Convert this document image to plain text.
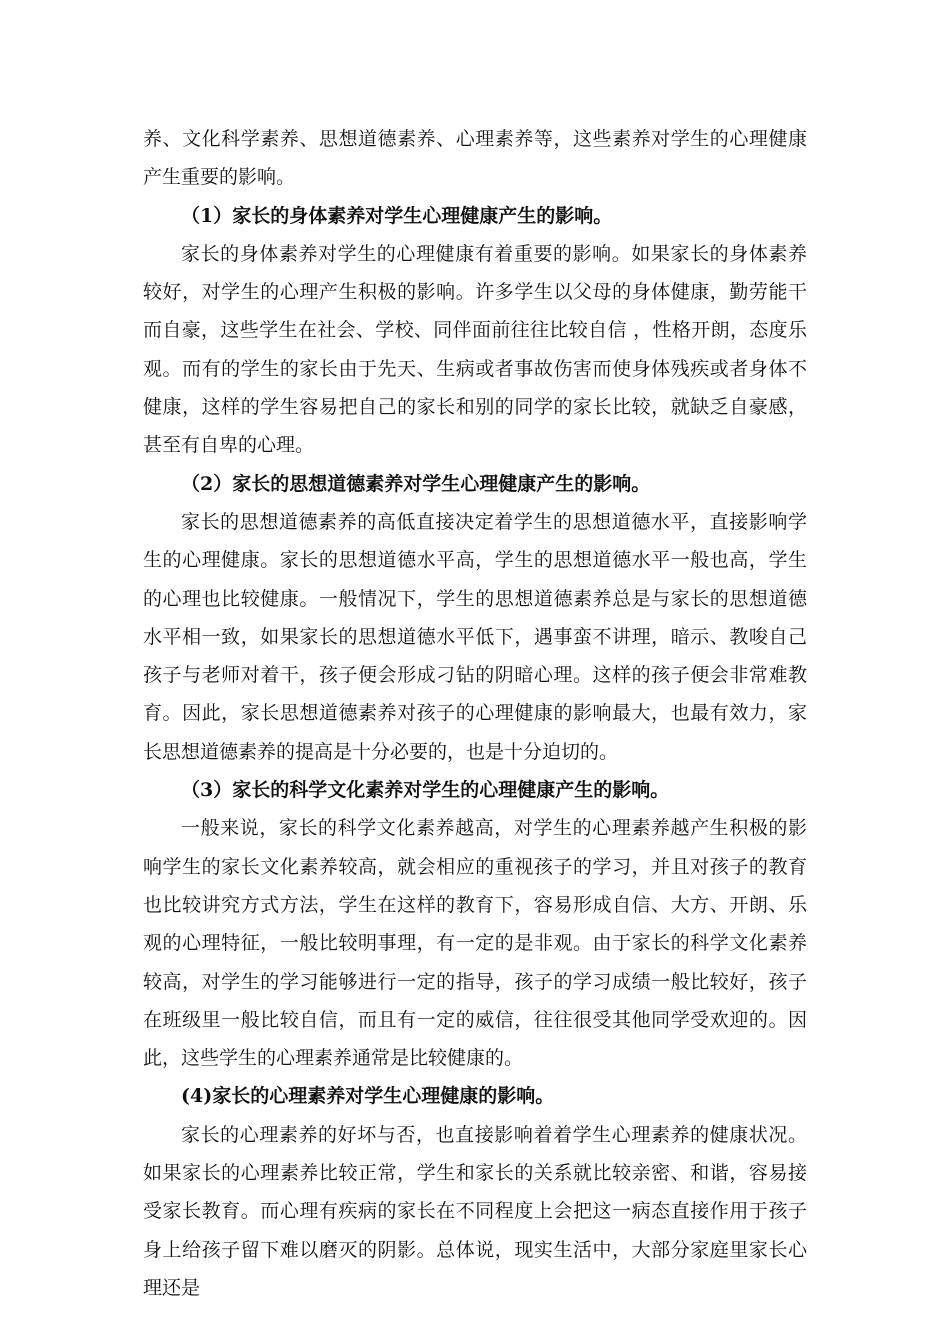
养、文化科学素养、思想道德素养、心理素养等，这些素养对学生的心理健康产生重要的影响。

（1）家长的身体素养对学生心理健康产生的影响。

家长的身体素养对学生的心理健康有着重要的影响。如果家长的身体素养较好，对学生的心理产生积极的影响。许多学生以父母的身体健康，勤劳能干而自豪，这些学生在社会、学校、同伴面前往往比较自信 ，性格开朗，态度乐观。而有的学生的家长由于先天、生病或者事故伤害而使身体残疾或者身体不健康，这样的学生容易把自己的家长和别的同学的家长比较，就缺乏自豪感，甚至有自卑的心理。

（2）家长的思想道德素养对学生心理健康产生的影响。

家长的思想道德素养的高低直接决定着学生的思想道德水平，直接影响学生的心理健康。家长的思想道德水平高，学生的思想道德水平一般也高，学生的心理也比较健康。一般情况下，学生的思想道德素养总是与家长的思想道德水平相一致，如果家长的思想道德水平低下，遇事蛮不讲理，暗示、教唆自己孩子与老师对着干，孩子便会形成刁钻的阴暗心理。这样的孩子便会非常难教育。因此，家长思想道德素养对孩子的心理健康的影响最大，也最有效力，家长思想道德素养的提高是十分必要的，也是十分迫切的。

（3）家长的科学文化素养对学生的心理健康产生的影响。

一般来说，家长的科学文化素养越高，对学生的心理素养越产生积极的影响学生的家长文化素养较高，就会相应的重视孩子的学习，并且对孩子的教育也比较讲究方式方法，学生在这样的教育下，容易形成自信、大方、开朗、乐观的心理特征，一般比较明事理，有一定的是非观。由于家长的科学文化素养较高，对学生的学习能够进行一定的指导，孩子的学习成绩一般比较好，孩子在班级里一般比较自信，而且有一定的威信，往往很受其他同学受欢迎的。因此，这些学生的心理素养通常是比较健康的。

(4)家长的心理素养对学生心理健康的影响。

家长的心理素养的好坏与否，也直接影响着着学生心理素养的健康状况。如果家长的心理素养比较正常，学生和家长的关系就比较亲密、和谐，容易接受家长教育。而心理有疾病的家长在不同程度上会把这一病态直接作用于孩子身上给孩子留下难以磨灭的阴影。总体说，现实生活中，大部分家庭里家长心理还是
